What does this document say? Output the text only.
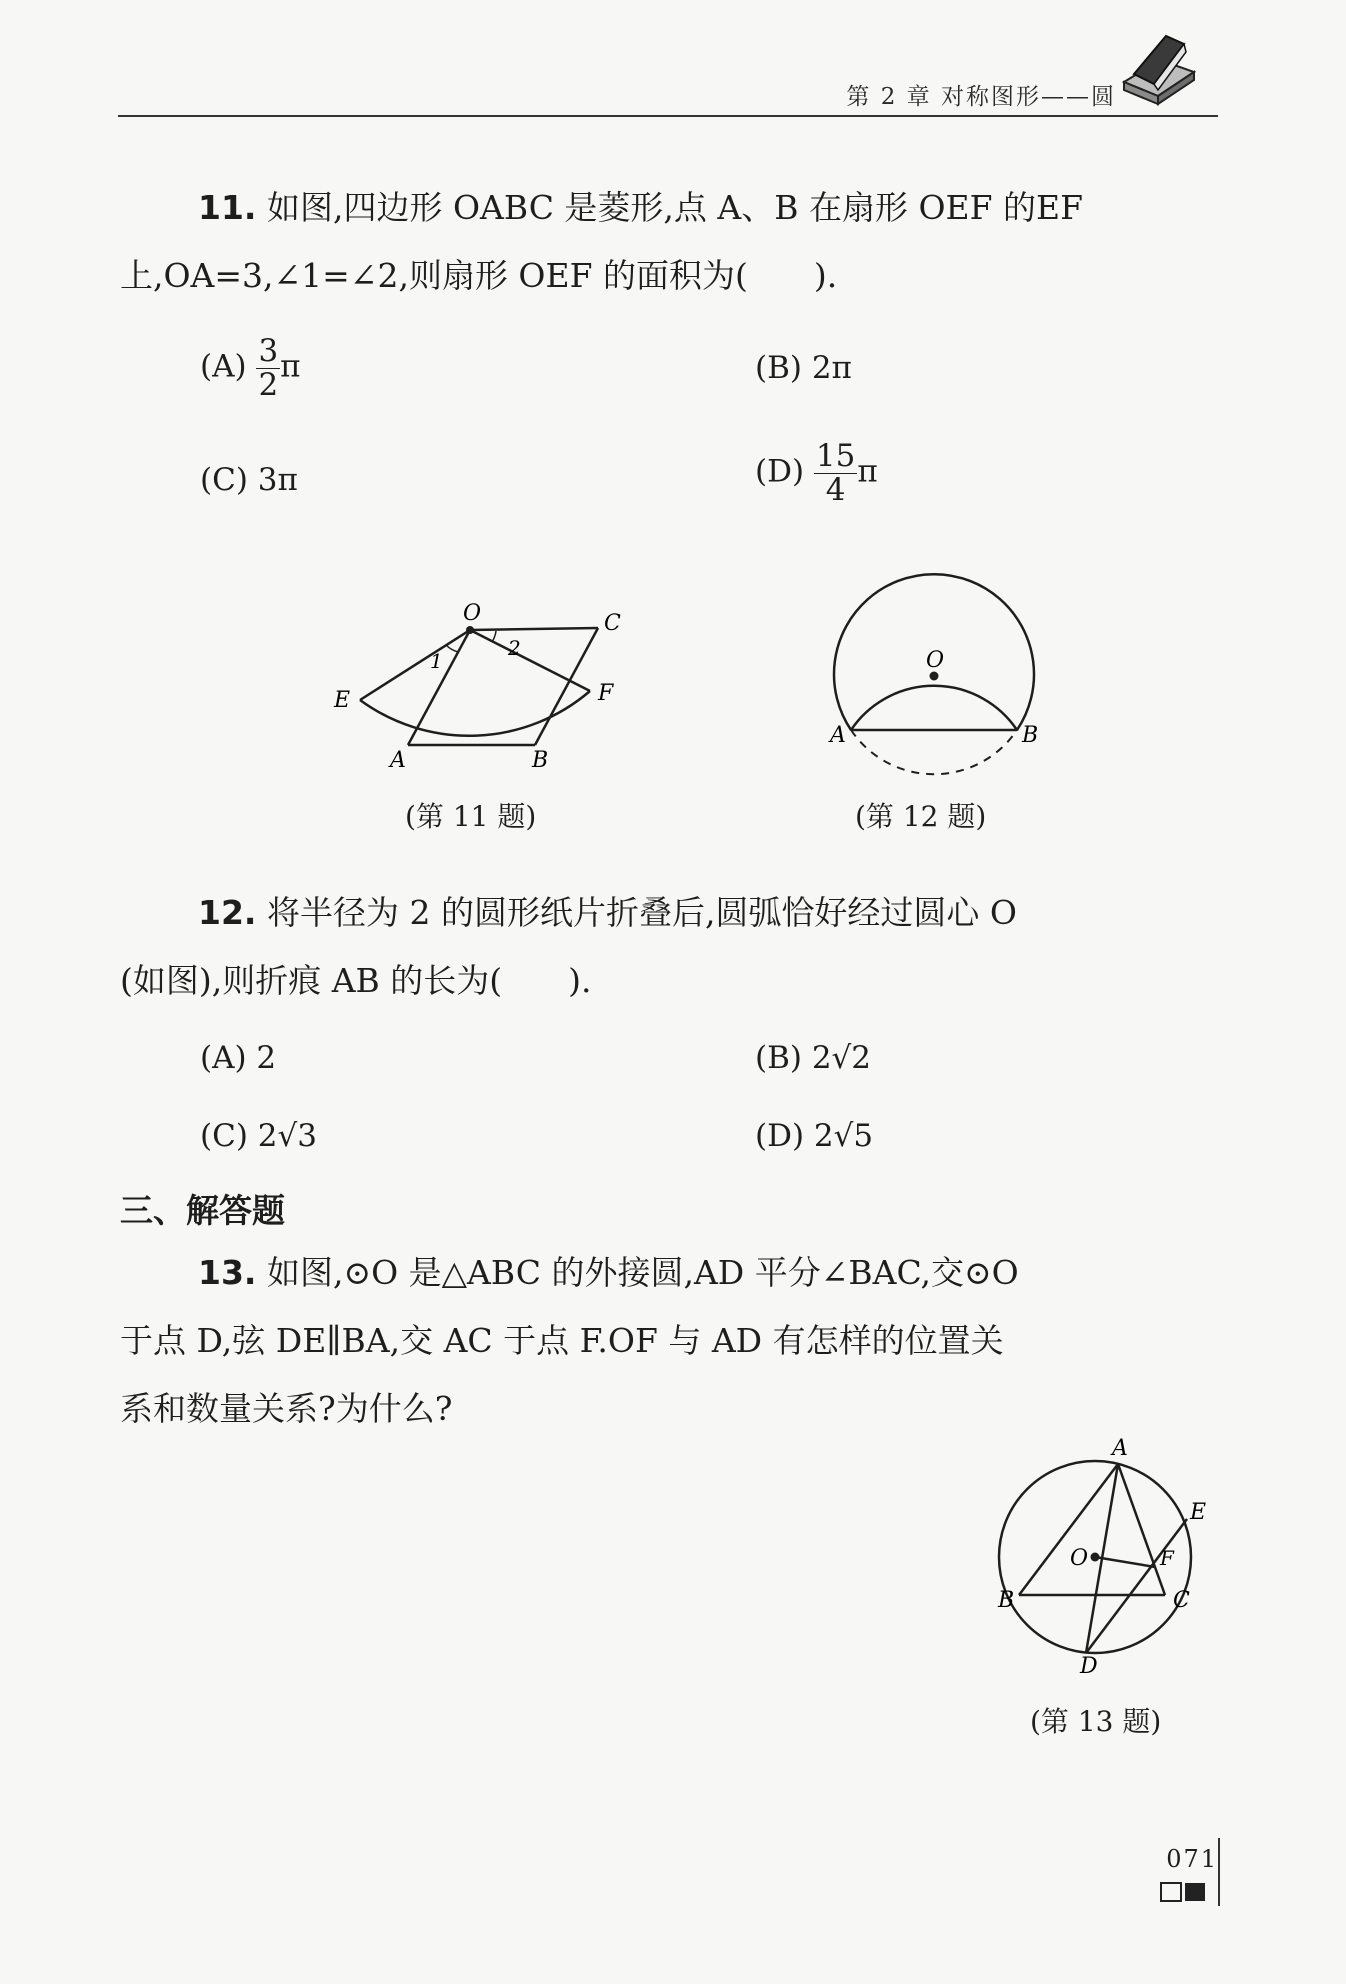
第 2 章 对称图形——圆
11. 如图,四边形 OABC 是菱形,点 A、B 在扇形 OEF 的EF
上,OA=3,∠1=∠2,则扇形 OEF 的面积为(　　).
$(A) \frac{3}{2}$ π	(B) 2π
(C) 3π	$(D) \frac{15}{4}$ π
O	C
E	F
A	B
1
2
(第 11 题)
O
A	B
(第 12 题)
12. 将半径为 2 的圆形纸片折叠后,圆弧恰好经过圆心 O
(如图),则折痕 AB 的长为(　　).
(A) 2	(B) 2√2
(C) 2√3	(D) 2√5
三、解答题
13. 如图,⊙O 是△ABC 的外接圆,AD 平分∠BAC,交⊙O
于点 D,弦 DE∥BA,交 AC 于点 F.OF 与 AD 有怎样的位置关
系和数量关系?为什么?
A
E
O	F
B	C
D
(第 13 题)
071
